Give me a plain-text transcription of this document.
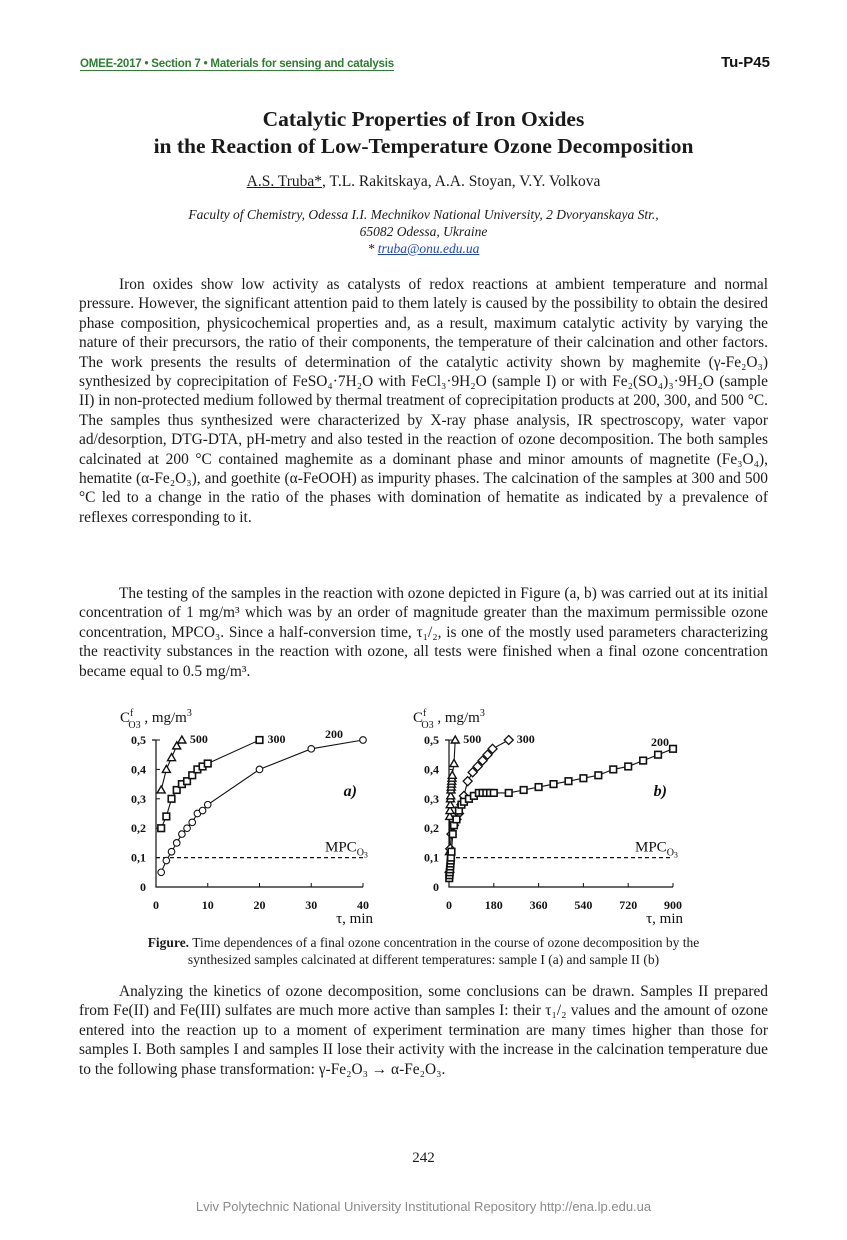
OMEE-2017 • Section 7 • Materials for sensing and catalysis	Tu-P45
Catalytic Properties of Iron Oxides
in the Reaction of Low-Temperature Ozone Decomposition
A.S. Truba*, T.L. Rakitskaya, A.A. Stoyan, V.Y. Volkova
Faculty of Chemistry, Odessa I.I. Mechnikov National University, 2 Dvoryanskaya Str.,
65082 Odessa, Ukraine
* truba@onu.edu.ua

Iron oxides show low activity as catalysts of redox reactions at ambient temperature and normal pressure. However, the significant attention paid to them lately is caused by the possibility to obtain the desired phase composition, physicochemical properties and, as a result, maximum catalytic activity by varying the nature of their precursors, the ratio of their components, the temperature of their calcination and other factors. The work presents the results of determination of the catalytic activity shown by maghemite (γ-Fe₂O₃) synthesized by coprecipitation of FeSO₄·7H₂O with FeCl₃·9H₂O (sample I) or with Fe₂(SO₄)₃·9H₂O (sample II) in non-protected medium followed by thermal treatment of coprecipitation products at 200, 300, and 500 °C. The samples thus synthesized were characterized by X-ray phase analysis, IR spectroscopy, water vapor ad/desorption, DTG-DTA, pH-metry and also tested in the reaction of ozone decomposition. The both samples calcinated at 200 °C contained maghemite as a dominant phase and minor amounts of magnetite (Fe₃O₄), hematite (α-Fe₂O₃), and goethite (α-FeOOH) as impurity phases. The calcination of the samples at 300 and 500 °C led to a change in the ratio of the phases with domination of hematite as indicated by a prevalence of reflexes corresponding to it.

The testing of the samples in the reaction with ozone depicted in Figure (a, b) was carried out at its initial concentration of 1 mg/m³ which was by an order of magnitude greater than the maximum permissible ozone concentration, MPCO₃. Since a half-conversion time, τ₁/₂, is one of the mostly used parameters characterizing the reactivity substances in the reaction with ozone, all tests were finished when a final ozone concentration became equal to 0.5 mg/m³.

0
0,1
0,2
0,3
0,4
0,5
0	10	20	30	40
τ, min
$C^f$ O3 , $mg/m^3$
$MPC_O3$
a)
500	300	200
0
0,1
0,2
0,3
0,4
0,5
0	180 360 540 720 900
τ, min
$C^f$ O3 , $mg/m^3$
$MPC_O3$
b)
500	300	200
Figure. Time dependences of a final ozone concentration in the course of ozone decomposition by the
synthesized samples calcinated at different temperatures: sample I (a) and sample II (b)

Analyzing the kinetics of ozone decomposition, some conclusions can be drawn. Samples II prepared from Fe(II) and Fe(III) sulfates are much more active than samples I: their τ₁/₂ values and the amount of ozone entered into the reaction up to a moment of experiment termination are many times higher than those for samples I. Both samples I and samples II lose their activity with the increase in the calcination temperature due to the following phase transformation: γ-Fe₂O₃ → α-Fe₂O₃.

242
Lviv Polytechnic National University Institutional Repository http://ena.lp.edu.ua
